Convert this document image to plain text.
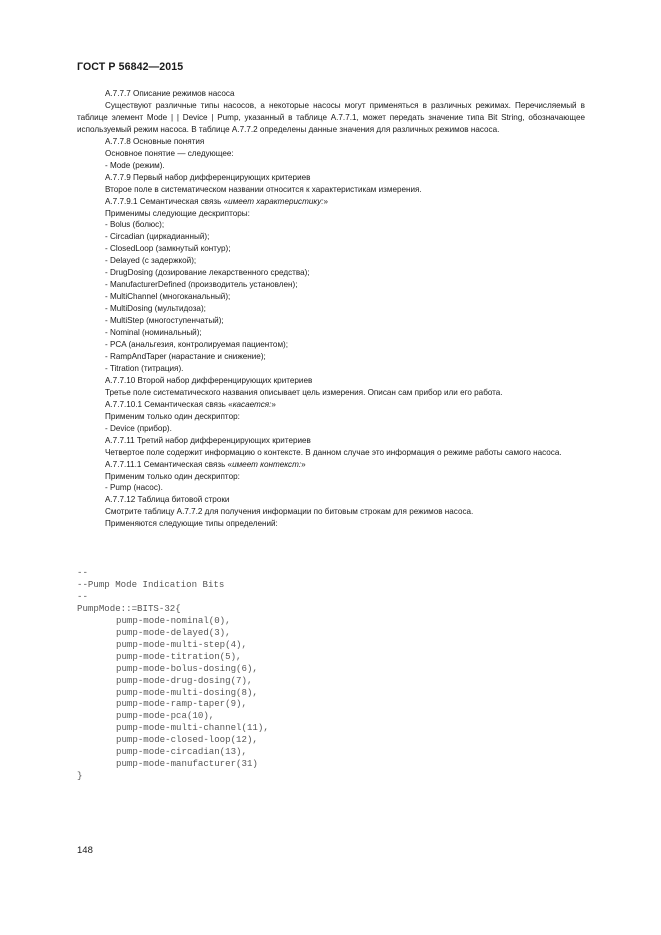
ГОСТ Р 56842—2015

А.7.7.7 Описание режимов насоса

Существуют различные типы насосов, а некоторые насосы могут применяться в различных режимах. Перечисляемый в таблице элемент Mode | | Device | Pump, указанный в таблице А.7.7.1, может передать значение типа Bit String, обозначающее используемый режим насоса. В таблице А.7.7.2 определены данные значения для различных режимов насоса.

А.7.7.8 Основные понятия

Основное понятие — следующее:

- Mode (режим).

А.7.7.9 Первый набор дифференцирующих критериев

Второе поле в систематическом названии относится к характеристикам измерения.

А.7.7.9.1 Семантическая связь «имеет характеристику:»

Применимы следующие дескрипторы:

- Bolus (болюс);

- Circadian (циркадианный);

- ClosedLoop (замкнутый контур);

- Delayed (с задержкой);

- DrugDosing (дозирование лекарственного средства);

- ManufacturerDefined (производитель установлен);

- MultiChannel (многоканальный);

- MultiDosing (мультидоза);

- MultiStep (многоступенчатый);

- Nominal (номинальный);

- PCA (анальгезия, контролируемая пациентом);

- RampAndTaper (нарастание и снижение);

- Titration (титрация).

А.7.7.10 Второй набор дифференцирующих критериев

Третье поле систематического названия описывает цель измерения. Описан сам прибор или его работа.

А.7.7.10.1 Семантическая связь «касается:»

Применим только один дескриптор:

- Device (прибор).

А.7.7.11 Третий набор дифференцирующих критериев

Четвертое поле содержит информацию о контексте. В данном случае это информация о режиме работы самого насоса.

А.7.7.11.1 Семантическая связь «имеет контекст:»

Применим только один дескриптор:

- Pump (насос).

А.7.7.12 Таблица битовой строки

Смотрите таблицу А.7.7.2 для получения информации по битовым строкам для режимов насоса.

Применяются следующие типы определений:

--
--Pump Mode Indication Bits
--
PumpMode::=BITS-32{
pump-mode-nominal(0),
pump-mode-delayed(3),
pump-mode-multi-step(4),
pump-mode-titration(5),
pump-mode-bolus-dosing(6),
pump-mode-drug-dosing(7),
pump-mode-multi-dosing(8),
pump-mode-ramp-taper(9),
pump-mode-pca(10),
pump-mode-multi-channel(11),
pump-mode-closed-loop(12),
pump-mode-circadian(13),
pump-mode-manufacturer(31)
}
148
